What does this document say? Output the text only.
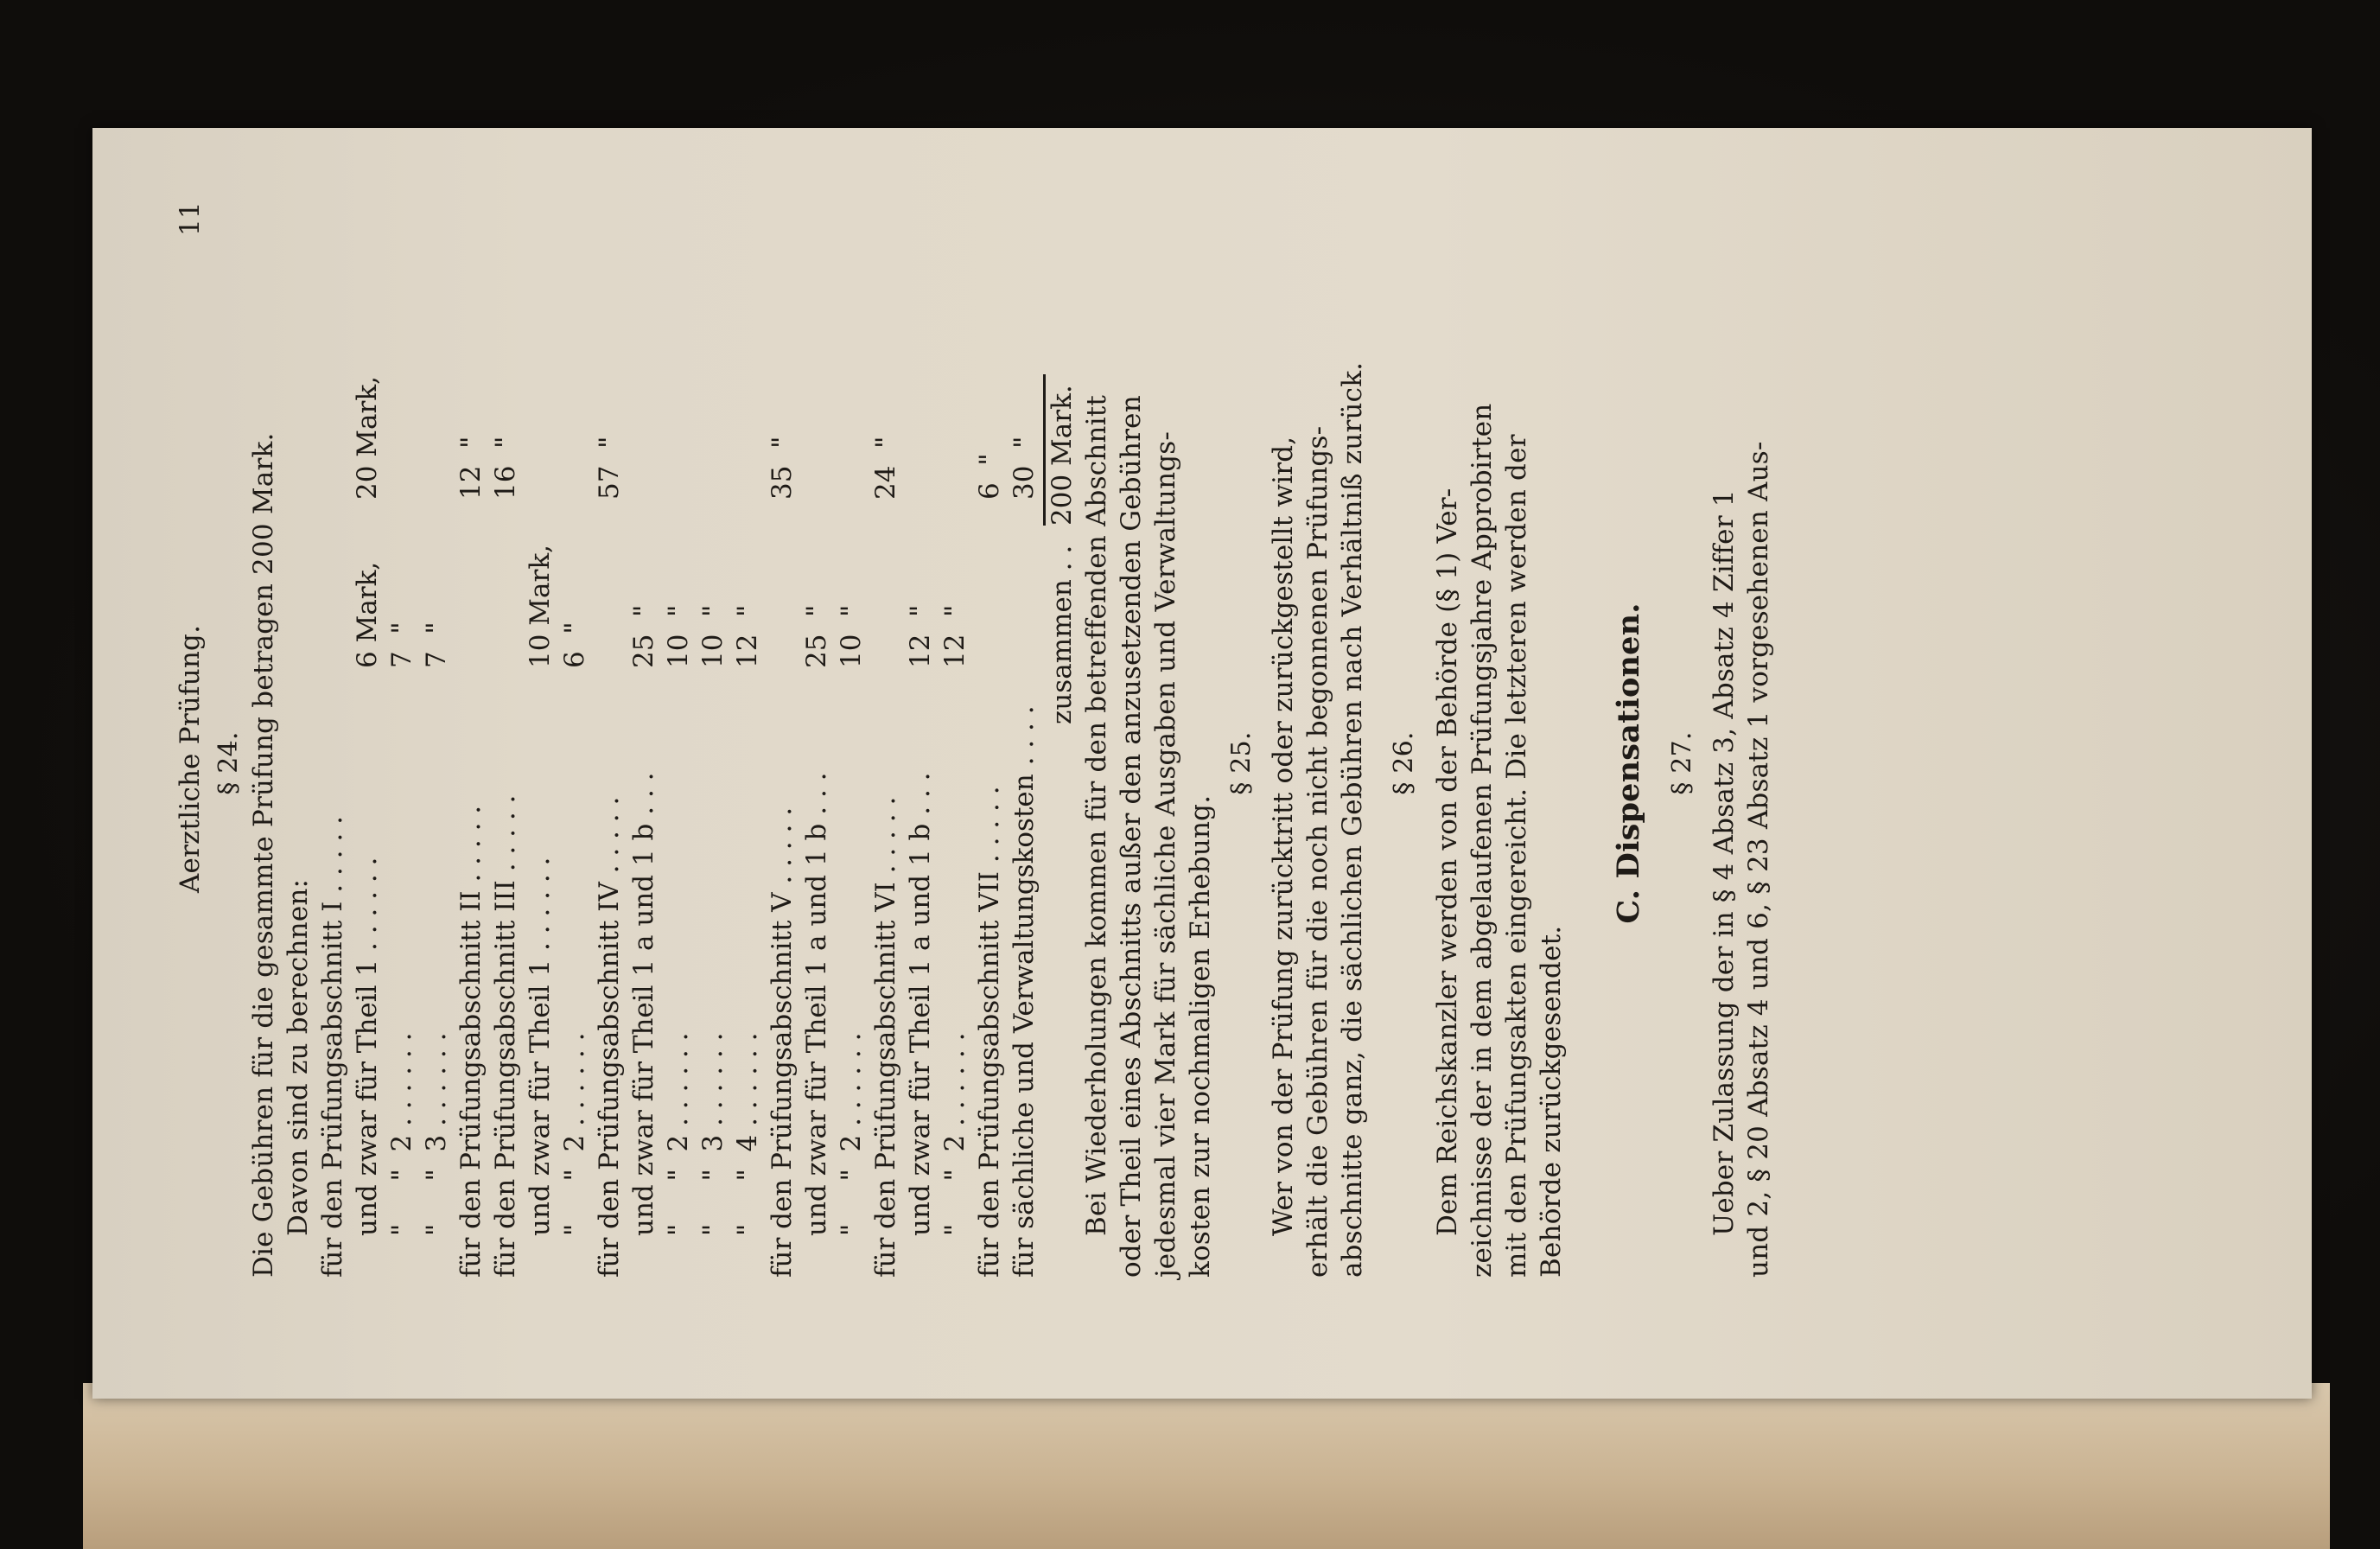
Aerztliche Prüfung.
11
§ 24. Die Gebühren für die gesammte Prüfung betragen 200 Mark. Davon sind zu berechnen: für den Prüfungsabschnitt I . . . . . und zwar für Theil 1 . . . . . .
6 Mark,
20 Mark,
"     "  2 . . . . . .
7  "
"     "  3 . . . . . .
7  "
für den Prüfungsabschnitt II . . . . .
12  "
für den Prüfungsabschnitt III . . . . .
16  "
und zwar für Theil 1 . . . . . .
10 Mark,
"     "  2 . . . . . .
6  "
für den Prüfungsabschnitt IV . . . . .
57  "
und zwar für Theil 1 a und 1 b . . .
25  "
"     "  2 . . . . . .
10  "
"     "  3 . . . . . .
10  "
"     "  4 . . . . . .
12  "
für den Prüfungsabschnitt V . . . . .
35  "
und zwar für Theil 1 a und 1 b . . .
25  "
"     "  2 . . . . . .
10  "
für den Prüfungsabschnitt VI . . . . .
24  "
und zwar für Theil 1 a und 1 b . . .
12  "
"     "  2 . . . . . .
12  "
für den Prüfungsabschnitt VII . . . . .
6  "
für sächliche und Verwaltungskosten . . . .
30  "
zusammen . .
200 Mark. Bei Wiederholungen kommen für den betreffenden Abschnitt oder Theil eines Abschnitts außer den anzusetzenden Gebühren jedesmal vier Mark für sächliche Ausgaben und Verwaltungs- kosten zur nochmaligen Erhebung.
§ 25. Wer von der Prüfung zurücktritt oder zurückgestellt wird, erhält die Gebühren für die noch nicht begonnenen Prüfungs- abschnitte ganz, die sächlichen Gebühren nach Verhältniß zurück. § 26. Dem Reichskanzler werden von der Behörde (§ 1) Ver- zeichnisse der in dem abgelaufenen Prüfungsjahre Approbirten mit den Prüfungsakten eingereicht. Die letzteren werden der Behörde zurückgesendet.
C. Dispensationen. § 27. Ueber Zulassung der in § 4 Absatz 3, Absatz 4 Ziffer 1 und 2, § 20 Absatz 4 und 6, § 23 Absatz 1 vorgesehenen Aus-
